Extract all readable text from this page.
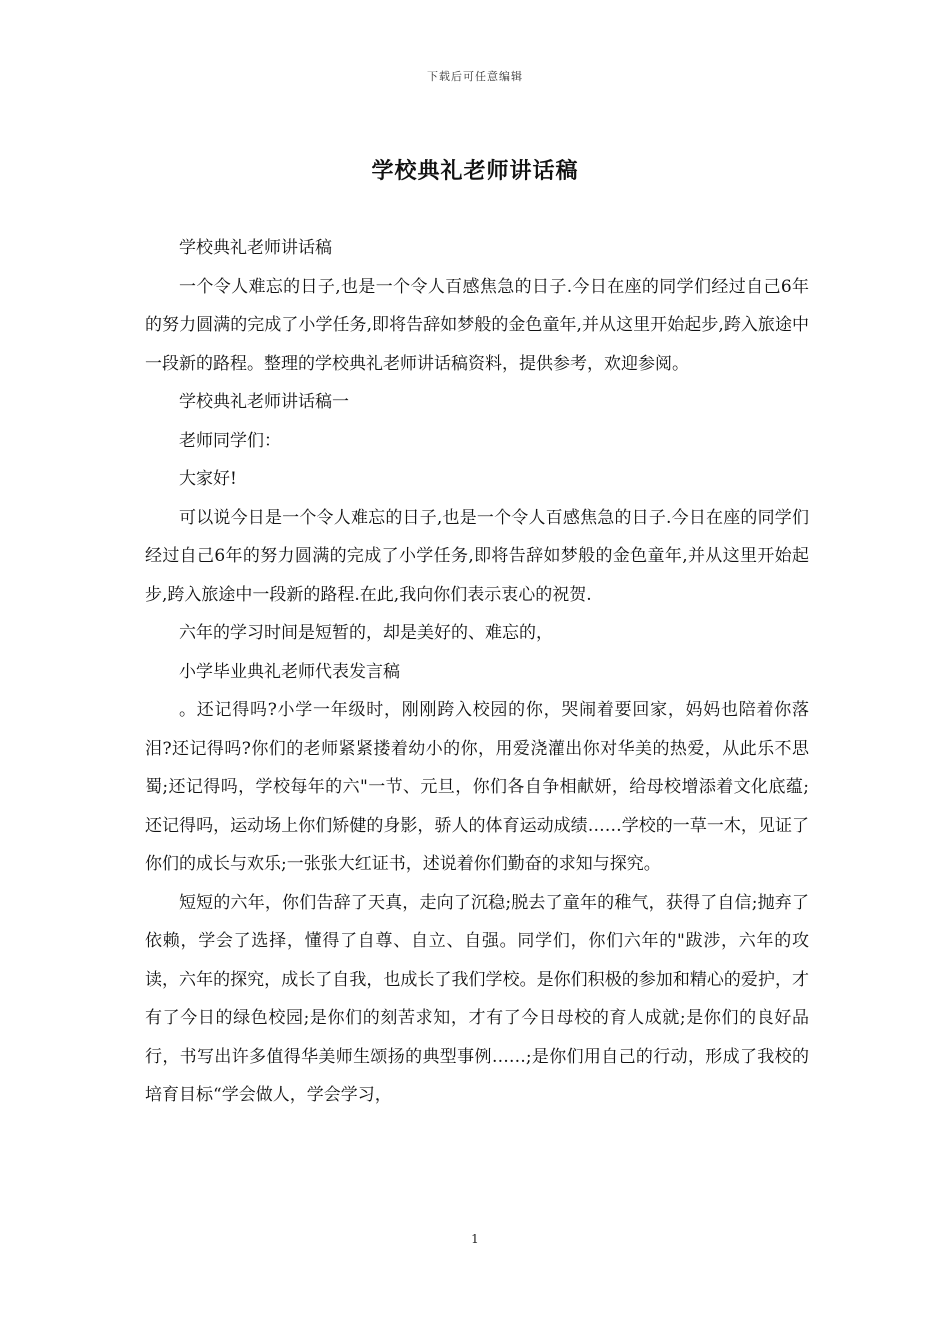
下载后可任意编辑
学校典礼老师讲话稿

学校典礼老师讲话稿

一个令人难忘的日子,也是一个令人百感焦急的日子.今日在座的同学们经过自己6年的努力圆满的完成了小学任务,即将告辞如梦般的金色童年,并从这里开始起步,跨入旅途中一段新的路程。整理的学校典礼老师讲话稿资料，提供参考，欢迎参阅。

学校典礼老师讲话稿一

老师同学们：

大家好!

可以说今日是一个令人难忘的日子,也是一个令人百感焦急的日子.今日在座的同学们经过自己6年的努力圆满的完成了小学任务,即将告辞如梦般的金色童年,并从这里开始起步,跨入旅途中一段新的路程.在此,我向你们表示衷心的祝贺.

六年的学习时间是短暂的，却是美好的、难忘的，

小学毕业典礼老师代表发言稿

。还记得吗?小学一年级时，刚刚跨入校园的你，哭闹着要回家，妈妈也陪着你落泪?还记得吗?你们的老师紧紧搂着幼小的你，用爱浇灌出你对华美的热爱，从此乐不思蜀;还记得吗，学校每年的六"一节、元旦，你们各自争相献妍，给母校增添着文化底蕴;还记得吗，运动场上你们矫健的身影，骄人的体育运动成绩……学校的一草一木，见证了你们的成长与欢乐;一张张大红证书，述说着你们勤奋的求知与探究。

短短的六年，你们告辞了天真，走向了沉稳;脱去了童年的稚气，获得了自信;抛弃了依赖，学会了选择，懂得了自尊、自立、自强。同学们，你们六年的"跋涉，六年的攻读，六年的探究，成长了自我，也成长了我们学校。是你们积极的参加和精心的爱护，才有了今日的绿色校园;是你们的刻苦求知，才有了今日母校的育人成就;是你们的良好品行，书写出许多值得华美师生颂扬的典型事例……;是你们用自己的行动，形成了我校的培育目标“学会做人，学会学习，

1
